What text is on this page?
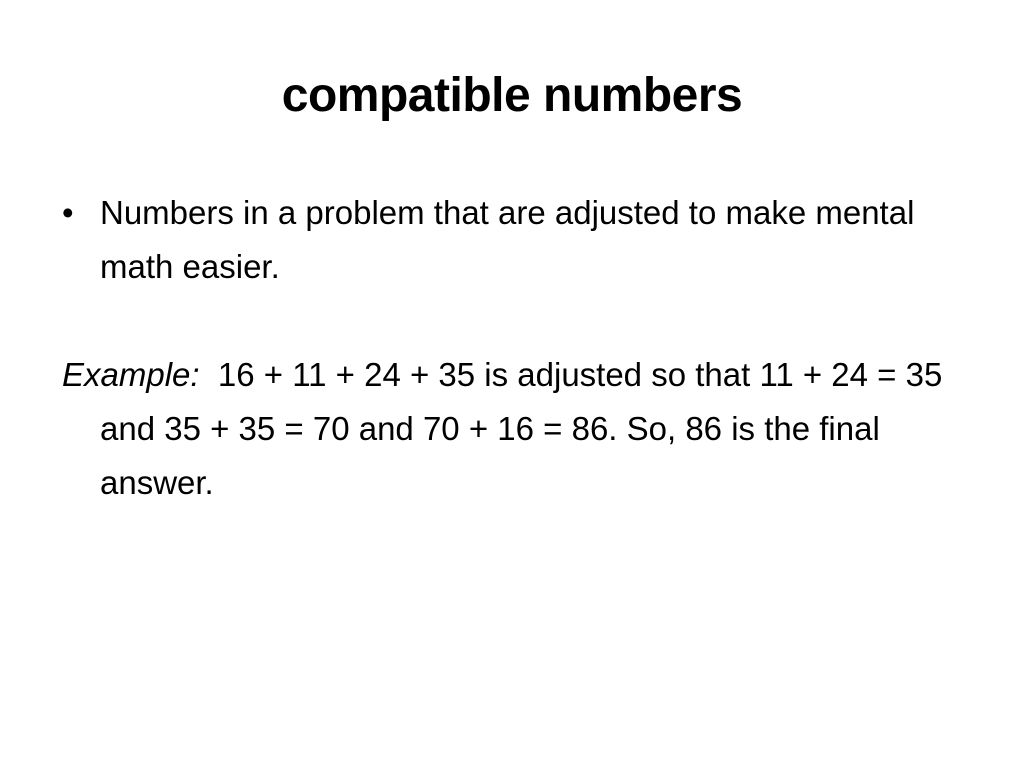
compatible numbers

• Numbers in a problem that are adjusted to make mental math easier.

Example: 16 + 11 + 24 + 35 is adjusted so that 11 + 24 = 35 and 35 + 35 = 70 and 70 + 16 = 86. So, 86 is the final answer.
